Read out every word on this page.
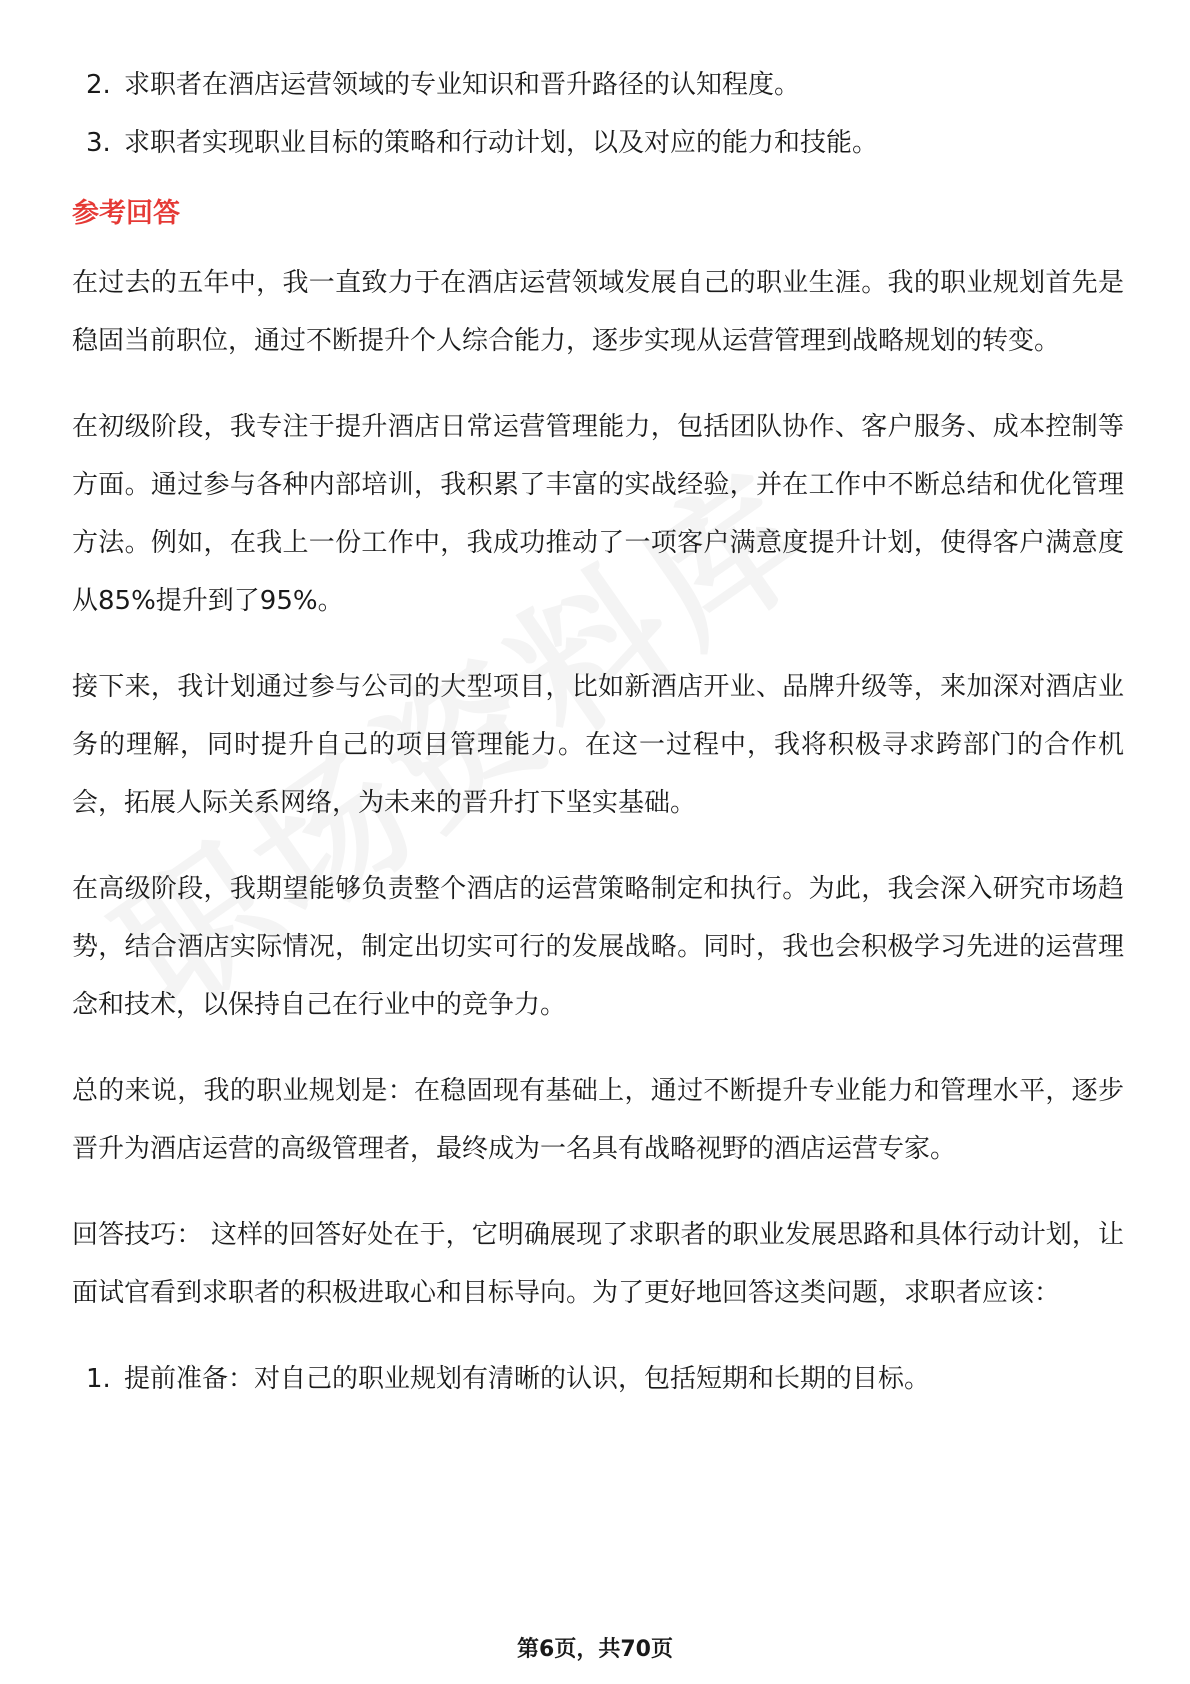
2. 求职者在酒店运营领域的专业知识和晋升路径的认知程度。
3. 求职者实现职业目标的策略和行动计划，以及对应的能力和技能。
参考回答

在过去的五年中，我一直致力于在酒店运营领域发展自己的职业生涯。我的职业规划首先是稳固当前职位，通过不断提升个人综合能力，逐步实现从运营管理到战略规划的转变。

在初级阶段，我专注于提升酒店日常运营管理能力，包括团队协作、客户服务、成本控制等方面。通过参与各种内部培训，我积累了丰富的实战经验，并在工作中不断总结和优化管理方法。例如，在我上一份工作中，我成功推动了一项客户满意度提升计划，使得客户满意度从85%提升到了95%。

接下来，我计划通过参与公司的大型项目，比如新酒店开业、品牌升级等，来加深对酒店业务的理解，同时提升自己的项目管理能力。在这一过程中，我将积极寻求跨部门的合作机会，拓展人际关系网络，为未来的晋升打下坚实基础。

在高级阶段，我期望能够负责整个酒店的运营策略制定和执行。为此，我会深入研究市场趋势，结合酒店实际情况，制定出切实可行的发展战略。同时，我也会积极学习先进的运营理念和技术，以保持自己在行业中的竞争力。

总的来说，我的职业规划是：在稳固现有基础上，通过不断提升专业能力和管理水平，逐步晋升为酒店运营的高级管理者，最终成为一名具有战略视野的酒店运营专家。

回答技巧： 这样的回答好处在于，它明确展现了求职者的职业发展思路和具体行动计划，让面试官看到求职者的积极进取心和目标导向。为了更好地回答这类问题，求职者应该：

1. 提前准备：对自己的职业规划有清晰的认识，包括短期和长期的目标。
第6页，共70页
